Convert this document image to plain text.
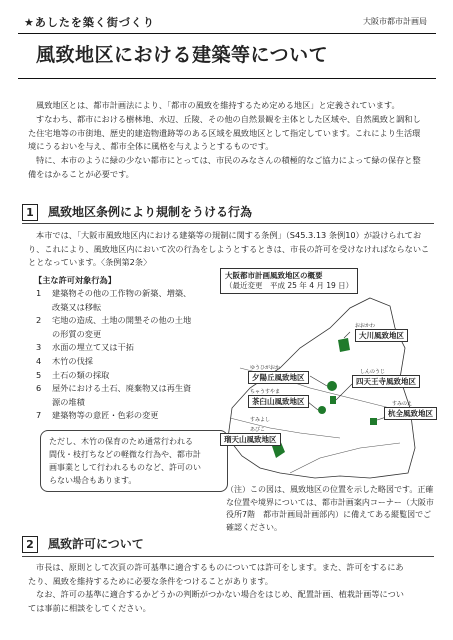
★あしたを築く街づくり	大阪市都市計画局
風致地区における建築等について
風致地区とは、都市計画法により、「都市の風致を維持するため定める地区」と定義されています。
すなわち、都市における樹林地、水辺、丘陵、その他の自然景観を主体とした区域や、自然風致と調和した住宅地等の市街地、歴史的建造物遺跡等のある区域を風致地区として指定しています。これにより生活環境にうるおいを与え、都市全体に風格を与えようとするものです。
特に、本市のように緑の少ない都市にとっては、市民のみなさんの積極的なご協力によって緑の保存と整備をはかることが必要です。
1 風致地区条例により規制をうける行為
本市では、「大阪市風致地区内における建築等の規制に関する条例」（S45.3.13 条例10）が設けられており、これにより、風致地区内において次の行為をしようとするときは、市長の許可を受けなければならないこととなっています。〈条例第2条〉
【主な許可対象行為】
1	建築物その他の工作物の新築、増築、
改築又は移転
2	宅地の造成、土地の開墾その他の土地
の形質の変更
3	水面の埋立て又は干拓
4	木竹の伐採
5	土石の類の採取
6	屋外における土石、廃棄物又は再生資
源の堆積
7	建築物等の意匠・色彩の変更
ただし、木竹の保育のため通常行われる
間伐・枝打ちなどの軽微な行為や、都市計
画事業として行われるものなど、許可のい
らない場合もあります。
大阪都市計画風致地区の概要
（最近変更　平成 25 年 4 月 19 日）
おおかわ
大川風致地区
ゆうひがおか
夕陽丘風致地区
しんのうじ
四天王寺風致地区
ちゃうすやま
茶臼山風致地区	すみのえ
杭全風致地区
すみよし
あびこ
瑠天山風致地区
（注）この図は、風致地区の位置を示した略図です。正確
な位置や境界については、都市計画案内コーナー（大阪市
役所7階　都市計画局計画部内）に備えてある縦覧図でご
確認ください。
2 風致許可について
市長は、原則として次頁の許可基準に適合するものについては許可をします。また、許可をするにあ
たり、風致を維持するために必要な条件をつけることがあります。
なお、許可の基準に適合するかどうかの判断がつかない場合をはじめ、配置計画、植栽計画等につい
ては事前に相談をしてください。
